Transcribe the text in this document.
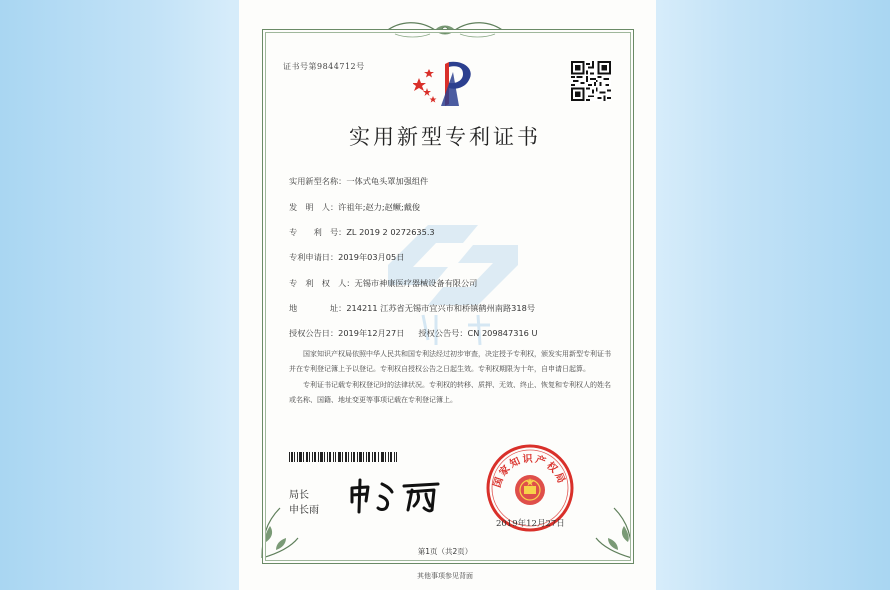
证书号第9844712号
实用新型专利证书
实用新型名称：一体式龟头罩加强组件
发　明　人：许祖年;赵力;赵鳜;戴俊
专　　利　号：ZL 2019 2 0272635.3
专利申请日：2019年03月05日
专　利　权　人：无锡市神康医疗器械设备有限公司
地　　　　址：214211 江苏省无锡市宜兴市和桥镇鹤州南路318号
授权公告日：2019年12月27日 授权公告号：CN 209847316 U
国家知识产权局依照中华人民共和国专利法经过初步审查，决定授予专利权，颁发实用新型专利证书并在专利登记簿上予以登记。专利权自授权公告之日起生效。专利权期限为十年，自申请日起算。
专利证书记载专利权登记时的法律状况。专利权的转移、质押、无效、终止、恢复和专利权人的姓名或名称、国籍、地址变更等事项记载在专利登记簿上。
局长
申长雨
国家知识产权局
2019年12月27日
第1页（共2页）
其他事项参见背面
